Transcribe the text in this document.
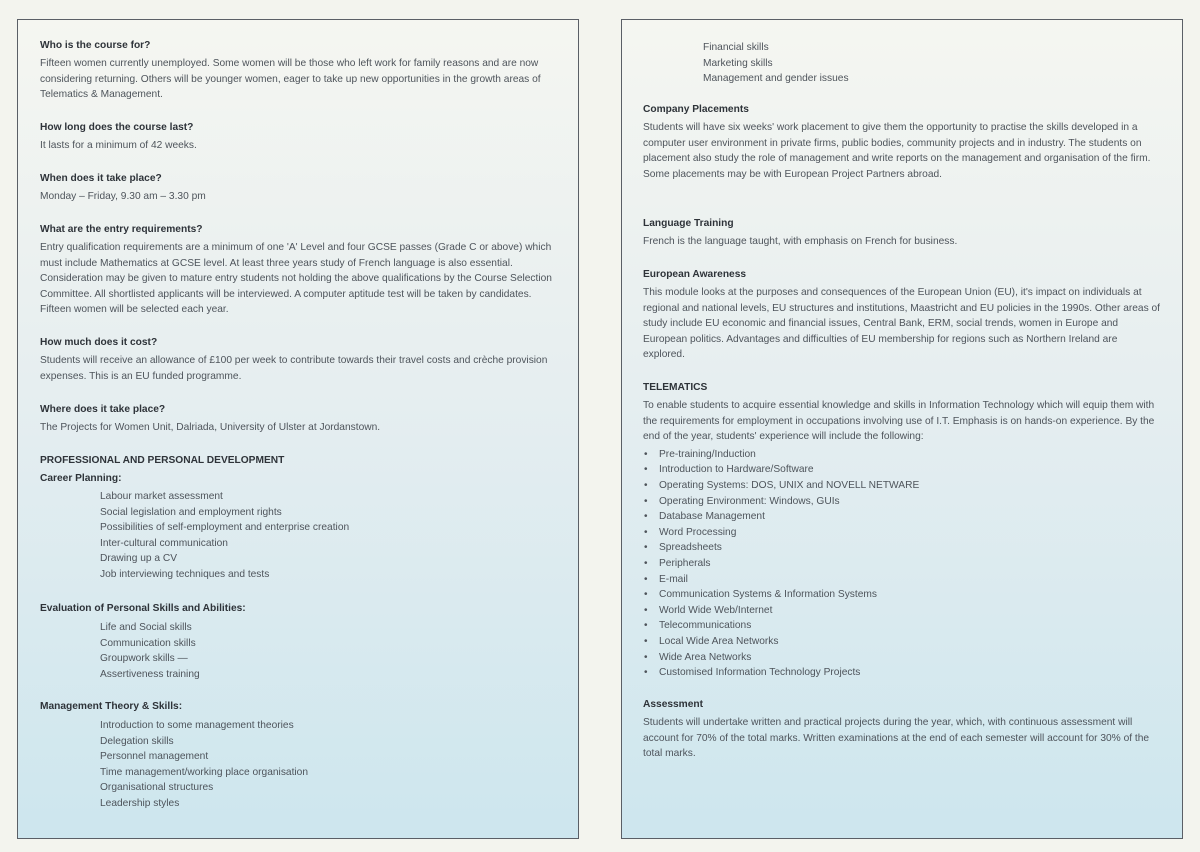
Who is the course for?

Fifteen women currently unemployed. Some women will be those who left work for family reasons and are now considering returning. Others will be younger women, eager to take up new opportunities in the growth areas of Telematics & Management.

How long does the course last?

It lasts for a minimum of 42 weeks.

When does it take place?

Monday – Friday, 9.30 am – 3.30 pm

What are the entry requirements?

Entry qualification requirements are a minimum of one 'A' Level and four GCSE passes (Grade C or above) which must include Mathematics at GCSE level. At least three years study of French language is also essential. Consideration may be given to mature entry students not holding the above qualifications by the Course Selection Committee. All shortlisted applicants will be interviewed. A computer aptitude test will be taken by candidates. Fifteen women will be selected each year.

How much does it cost?

Students will receive an allowance of £100 per week to contribute towards their travel costs and crèche provision expenses. This is an EU funded programme.

Where does it take place?

The Projects for Women Unit, Dalriada, University of Ulster at Jordanstown.

PROFESSIONAL AND PERSONAL DEVELOPMENT
Career Planning:
Labour market assessment
Social legislation and employment rights
Possibilities of self-employment and enterprise creation
Inter-cultural communication
Drawing up a CV
Job interviewing techniques and tests
Evaluation of Personal Skills and Abilities:
Life and Social skills
Communication skills
Groupwork skills —
Assertiveness training
Management Theory & Skills:
Introduction to some management theories
Delegation skills
Personnel management
Time management/working place organisation
Organisational structures
Leadership styles
Financial skills
Marketing skills
Management and gender issues
Company Placements

Students will have six weeks' work placement to give them the opportunity to practise the skills developed in a computer user environment in private firms, public bodies, community projects and in industry. The students on placement also study the role of management and write reports on the management and organisation of the firm. Some placements may be with European Project Partners abroad.

Language Training

French is the language taught, with emphasis on French for business.

European Awareness

This module looks at the purposes and consequences of the European Union (EU), it's impact on individuals at regional and national levels, EU structures and institutions, Maastricht and EU policies in the 1990s. Other areas of study include EU economic and financial issues, Central Bank, ERM, social trends, women in Europe and European politics. Advantages and difficulties of EU membership for regions such as Northern Ireland are explored.

TELEMATICS

To enable students to acquire essential knowledge and skills in Information Technology which will equip them with the requirements for employment in occupations involving use of I.T. Emphasis is on hands-on experience. By the end of the year, students' experience will include the following:

• Pre-training/Induction
• Introduction to Hardware/Software
• Operating Systems: DOS, UNIX and NOVELL NETWARE
• Operating Environment: Windows, GUIs
• Database Management
• Word Processing
• Spreadsheets
• Peripherals
• E-mail
• Communication Systems & Information Systems
• World Wide Web/Internet
• Telecommunications
• Local Wide Area Networks
• Wide Area Networks
• Customised Information Technology Projects
Assessment

Students will undertake written and practical projects during the year, which, with continuous assessment will account for 70% of the total marks. Written examinations at the end of each semester will account for 30% of the total marks.
